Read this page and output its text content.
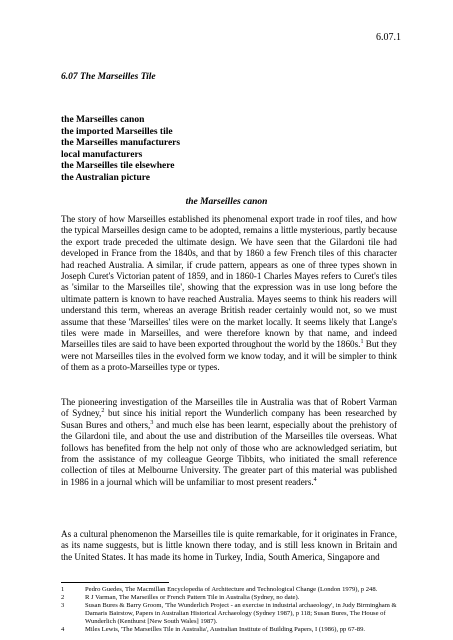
6.07.1
6.07 The Marseilles Tile
the Marseilles canon
the imported Marseilles tile
the Marseilles manufacturers
local manufacturers
the Marseilles tile elsewhere
the Australian picture
the Marseilles canon

The story of how Marseilles established its phenomenal export trade in roof tiles, and how the typical Marseilles design came to be adopted, remains a little mysterious, partly because the export trade preceded the ultimate design. We have seen that the Gilardoni tile had developed in France from the 1840s, and that by 1860 a few French tiles of this character had reached Australia. A similar, if crude pattern, appears as one of three types shown in Joseph Curet's Victorian patent of 1859, and in 1860-1 Charles Mayes refers to Curet's tiles as 'similar to the Marseilles tile', showing that the expression was in use long before the ultimate pattern is known to have reached Australia. Mayes seems to think his readers will understand this term, whereas an average British reader certainly would not, so we must assume that these 'Marseilles' tiles were on the market locally. It seems likely that Lange's tiles were made in Marseilles, and were therefore known by that name, and indeed Marseilles tiles are said to have been exported throughout the world by the 1860s.$^1$ But they were not Marseilles tiles in the evolved form we know today, and it will be simpler to think of them as a proto-Marseilles type or types.

The pioneering investigation of the Marseilles tile in Australia was that of Robert Varman of Sydney,$^2$ but since his initial report the Wunderlich company has been researched by Susan Bures and others,$^3$ and much else has been learnt, especially about the prehistory of the Gilardoni tile, and about the use and distribution of the Marseilles tile overseas. What follows has benefited from the help not only of those who are acknowledged seriatim, but from the assistance of my colleague George Tibbits, who initiated the small reference collection of tiles at Melbourne University. The greater part of this material was published in 1986 in a journal which will be unfamiliar to most present readers.$^4$

As a cultural phenomenon the Marseilles tile is quite remarkable, for it originates in France, as its name suggests, but is little known there today, and is still less known in Britain and the United States. It has made its home in Turkey, India, South America, Singapore and

1	Pedro Guedes, The Macmillan Encyclopedia of Architecture and Technological Change (London 1979), p 248.
2	R J Varman, The Marseilles or French Pattern Tile in Australia (Sydney, no date).
3	Susan Bures & Barry Groom, 'The Wunderlich Project - an exercise in industrial archaeology', in Judy Birmingham & Damaris Bairstow, Papers in Australian Historical Archaeology (Sydney 1987), p 118; Susan Bures, The House of Wunderlich (Kenthurst [New South Wales] 1987).
4	Miles Lewis, 'The Marseilles Tile in Australia', Australian Institute of Building Papers, I (1986), pp 67-89.
